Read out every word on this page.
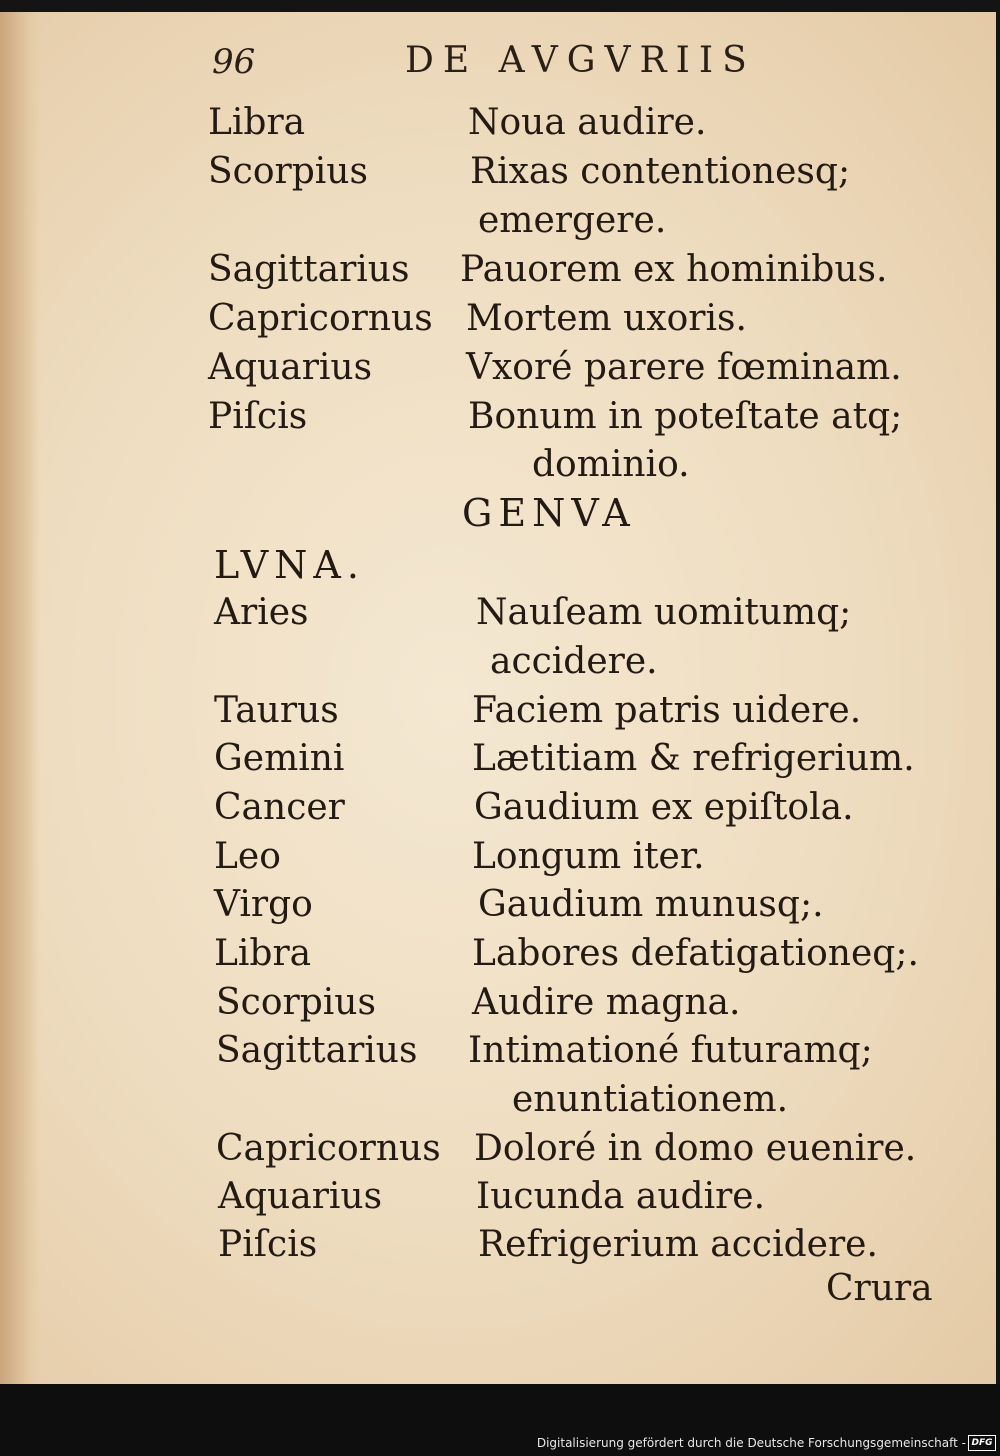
96	DE AVGVRIIS
Libra	Noua audire.
Scorpius	Rixas contentionesq;
emergere.
Sagittarius Pauorem ex hominibus.
Capricornus Mortem uxoris.
Aquarius	Vxoré parere fœminam.
Piſcis	Bonum in poteſtate atq;
dominio.
GENVA
LVNA.
Aries	Nauſeam uomitumq;
accidere.
Taurus	Faciem patris uidere.
Gemini	Lætitiam & refrigerium.
Cancer	Gaudium ex epiſtola.
Leo	Longum iter.
Virgo	Gaudium munusq;.
Libra	Labores defatigationeq;.
Scorpius	Audire magna.
Sagittarius Intimationé futuramq;
enuntiationem.
Capricornus Doloré in domo euenire.
Aquarius	Iucunda audire.
Piſcis	Refrigerium accidere.
Crura
Digitalisierung gefördert durch die Deutsche Forschungsgemeinschaft - DFG
